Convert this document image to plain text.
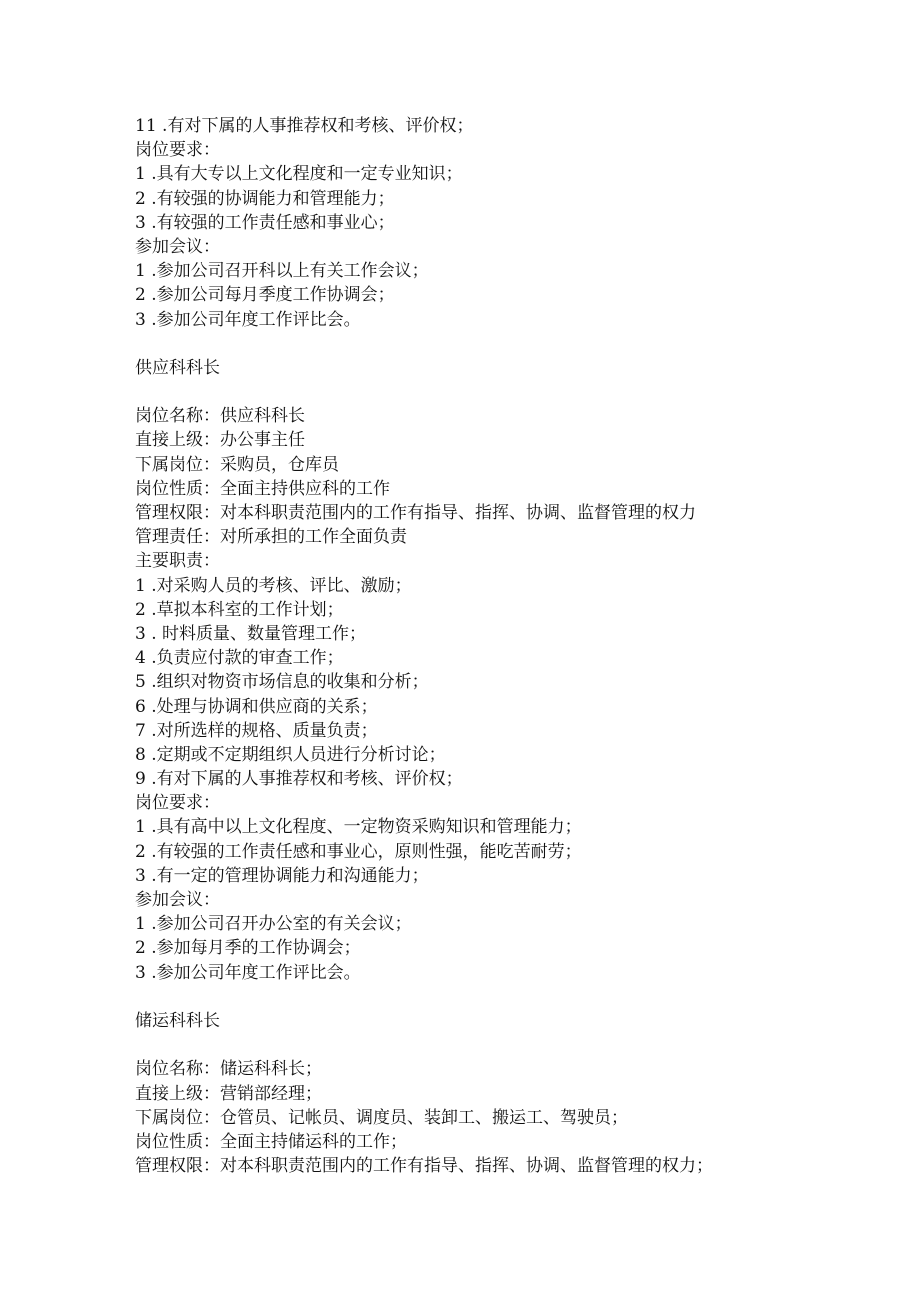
11 .有对下属的人事推荐权和考核、评价权；
岗位要求：
1 .具有大专以上文化程度和一定专业知识；
2 .有较强的协调能力和管理能力；
3 .有较强的工作责任感和事业心；
参加会议：
1 .参加公司召开科以上有关工作会议；
2 .参加公司每月季度工作协调会；
3 .参加公司年度工作评比会。
供应科科长
岗位名称：供应科科长
直接上级：办公事主任
下属岗位：采购员，仓库员
岗位性质：全面主持供应科的工作
管理权限：对本科职责范围内的工作有指导、指挥、协调、监督管理的权力
管理责任：对所承担的工作全面负责
主要职责：
1 .对采购人员的考核、评比、激励；
2 .草拟本科室的工作计划；
3 . 时料质量、数量管理工作；
4 .负责应付款的审查工作；
5 .组织对物资市场信息的收集和分析；
6 .处理与协调和供应商的关系；
7 .对所选样的规格、质量负责；
8 .定期或不定期组织人员进行分析讨论；
9 .有对下属的人事推荐权和考核、评价权；
岗位要求：
1 .具有高中以上文化程度、一定物资采购知识和管理能力；
2 .有较强的工作责任感和事业心，原则性强，能吃苦耐劳；
3 .有一定的管理协调能力和沟通能力；
参加会议：
1 .参加公司召开办公室的有关会议；
2 .参加每月季的工作协调会；
3 .参加公司年度工作评比会。
储运科科长
岗位名称：储运科科长；
直接上级：营销部经理；
下属岗位：仓管员、记帐员、调度员、装卸工、搬运工、驾驶员；
岗位性质：全面主持储运科的工作；
管理权限：对本科职责范围内的工作有指导、指挥、协调、监督管理的权力；
